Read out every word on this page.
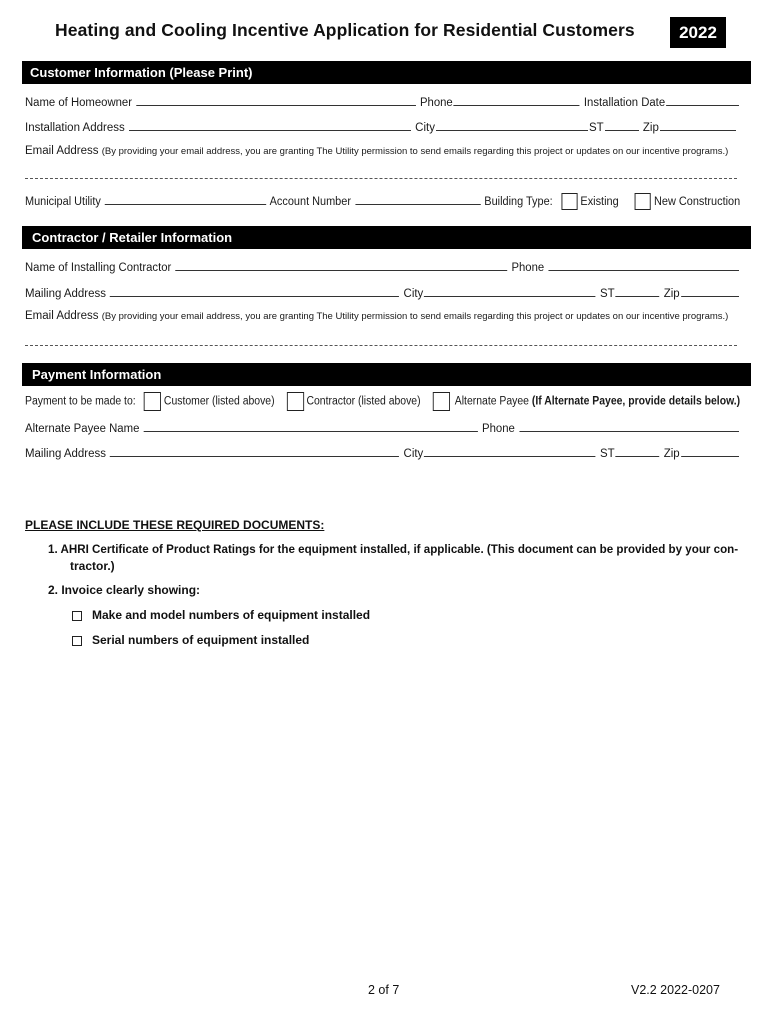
Heating and Cooling Incentive Application for Residential Customers	2022
Customer Information (Please Print)
Name of Homeowner	Phone	Installation Date
Installation Address	City	ST	Zip
Email Address (By providing your email address, you are granting The Utility permission to send emails regarding this project or updates on our incentive programs.)
Municipal Utility	Account Number	Building Type: Existing	New Construction
Contractor / Retailer Information
Name of Installing Contractor	Phone
Mailing Address	City	ST	Zip
Email Address (By providing your email address, you are granting The Utility permission to send emails regarding this project or updates on our incentive programs.)
Payment Information
Payment to be made to: Customer (listed above)	Contractor (listed above)	Alternate Payee (If Alternate Payee, provide details below.)
Alternate Payee Name	Phone
Mailing Address	City	ST	Zip
PLEASE INCLUDE THESE REQUIRED DOCUMENTS:
1. AHRI Certificate of Product Ratings for the equipment installed, if applicable. (This document can be provided by your con-
tractor.)
2. Invoice clearly showing:
Make and model numbers of equipment installed
Serial numbers of equipment installed
2 of 7	V2.2 2022-0207
